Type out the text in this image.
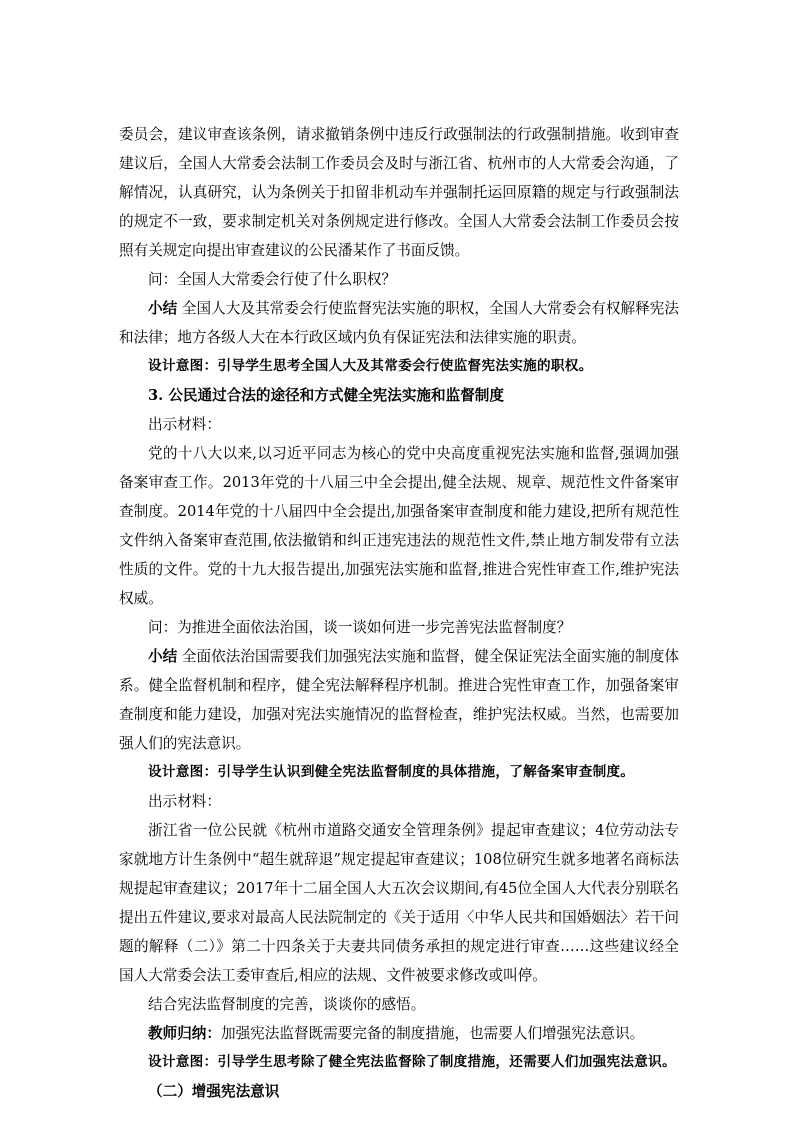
委员会，建议审查该条例，请求撤销条例中违反行政强制法的行政强制措施。收到审查建议后，全国人大常委会法制工作委员会及时与浙江省、杭州市的人大常委会沟通，了解情况，认真研究，认为条例关于扣留非机动车并强制托运回原籍的规定与行政强制法的规定不一致，要求制定机关对条例规定进行修改。全国人大常委会法制工作委员会按照有关规定向提出审查建议的公民潘某作了书面反馈。

问：全国人大常委会行使了什么职权？

小结 全国人大及其常委会行使监督宪法实施的职权，全国人大常委会有权解释宪法和法律；地方各级人大在本行政区域内负有保证宪法和法律实施的职责。

设计意图：引导学生思考全国人大及其常委会行使监督宪法实施的职权。

3. 公民通过合法的途径和方式健全宪法实施和监督制度

出示材料：

党的十八大以来,以习近平同志为核心的党中央高度重视宪法实施和监督,强调加强备案审查工作。2013年党的十八届三中全会提出,健全法规、规章、规范性文件备案审查制度。2014年党的十八届四中全会提出,加强备案审查制度和能力建设,把所有规范性文件纳入备案审查范围,依法撤销和纠正违宪违法的规范性文件,禁止地方制发带有立法性质的文件。党的十九大报告提出,加强宪法实施和监督,推进合宪性审查工作,维护宪法权威。

问：为推进全面依法治国，谈一谈如何进一步完善宪法监督制度？

小结 全面依法治国需要我们加强宪法实施和监督，健全保证宪法全面实施的制度体系。健全监督机制和程序，健全宪法解释程序机制。推进合宪性审查工作，加强备案审查制度和能力建设，加强对宪法实施情况的监督检查，维护宪法权威。当然，也需要加强人们的宪法意识。

设计意图：引导学生认识到健全宪法监督制度的具体措施，了解备案审查制度。

出示材料：

浙江省一位公民就《杭州市道路交通安全管理条例》提起审查建议；4位劳动法专家就地方计生条例中“超生就辞退”规定提起审查建议；108位研究生就多地著名商标法规提起审查建议；2017年十二届全国人大五次会议期间,有45位全国人大代表分别联名提出五件建议,要求对最高人民法院制定的《关于适用〈中华人民共和国婚姻法〉若干问题的解释（二）》第二十四条关于夫妻共同债务承担的规定进行审查……这些建议经全国人大常委会法工委审查后,相应的法规、文件被要求修改或叫停。

结合宪法监督制度的完善，谈谈你的感悟。

教师归纳：加强宪法监督既需要完备的制度措施，也需要人们增强宪法意识。

设计意图：引导学生思考除了健全宪法监督除了制度措施，还需要人们加强宪法意识。

（二）增强宪法意识
